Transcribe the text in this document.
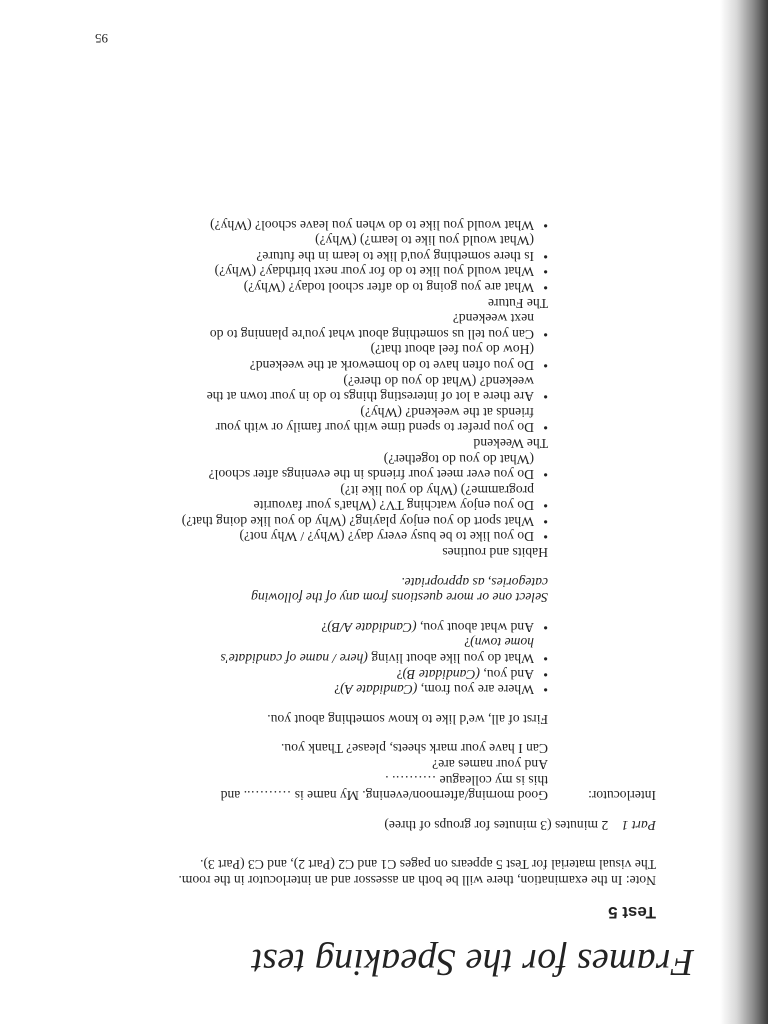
Frames for the Speaking test
Test 5

Note: In the examination, there will be both an assessor and an interlocutor in the room.

The visual material for Test 5 appears on pages C1 and C2 (Part 2), and C3 (Part 3).

Part 1 2 minutes (3 minutes for groups of three)
Interlocutor:
Good morning/afternoon/evening. My name is ……….. and
this is my colleague ………. .
And your names are?
Can I have your mark sheets, please? Thank you.
First of all, we'd like to know something about you.
• Where are you from, (Candidate A)?
• And you, (Candidate B)?
• What do you like about living (here / name of candidate's
home town)?
• And what about you, (Candidate A/B)?
Select one or more questions from any of the following
categories, as appropriate.
Habits and routines
• Do you like to be busy every day? (Why? / Why not?)
• What sport do you enjoy playing? (Why do you like doing that?)
• Do you enjoy watching TV? (What's your favourite
programme?) (Why do you like it?)
• Do you ever meet your friends in the evenings after school?
(What do you do together?)
The Weekend
• Do you prefer to spend time with your family or with your
friends at the weekend? (Why?)
• Are there a lot of interesting things to do in your town at the
weekend? (What do you do there?)
• Do you often have to do homework at the weekend?
(How do you feel about that?)
• Can you tell us something about what you're planning to do
next weekend?
The Future
• What are you going to do after school today? (Why?)
• What would you like to do for your next birthday? (Why?)
• Is there something you'd like to learn in the future?
(What would you like to learn?) (Why?)
• What would you like to do when you leave school? (Why?)
95
